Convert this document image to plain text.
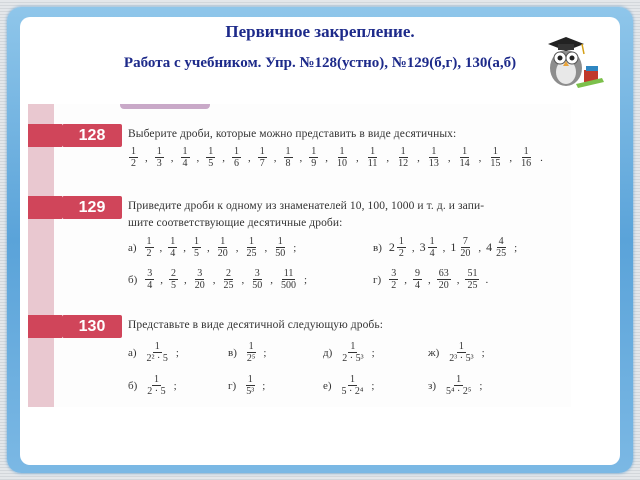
Первичное закрепление.
Работа с учебником. Упр. №128(устно), №129(б,г), 130(а,б)
128	Выберите дроби, которые можно представить в виде десятичных:
$\frac{1}{2}$ , $\frac{1}{3}$ , $\frac{1}{4}$ , $\frac{1}{5}$ , $\frac{1}{6}$ , $\frac{1}{7}$ , $\frac{1}{8}$ , $\frac{1}{9}$ , $\frac{1}{10}$ , $\frac{1}{11}$ , $\frac{1}{12}$ , $\frac{1}{13}$ , $\frac{1}{14}$ , $\frac{1}{15}$ , $\frac{1}{16}$ .
129	Приведите дроби к одному из знаменателей 10, 100, 1000 и т. д. и запи-
шите соответствующие десятичные дроби:
$а) \frac{1}{2}$ , $\frac{1}{4}$ , $\frac{1}{5}$ , $\frac{1}{20}$ , $\frac{1}{25}$ , $\frac{1}{50}$ ;
$б) \frac{3}{4}$ , $\frac{2}{5}$ , $\frac{3}{20}$ , $\frac{2}{25}$ , $\frac{3}{50}$ , $\frac{11}{500}$ ;
в) $2 \frac{1}{2}$ , $3 \frac{1}{4}$ , $1 \frac{7}{20}$ , $4 \frac{4}{25}$ ;
$г) \frac{3}{2}$ , $\frac{9}{4}$ , $\frac{63}{20}$ , $\frac{51}{25}$ .
130	Представьте в виде десятичной следующую дробь:
$а) \frac{1}{\text{2² · 5}}$ ;	$в) \frac{1}{\text{2⁵}}$ ;	$д) \frac{1}{\text{2 · 5³}}$ ;	$ж) \frac{1}{\text{2³ · 5³}}$ ;
$б) \frac{1}{2 \cdot 5}$ ;	$г) \frac{1}{\text{5³}}$ ;	$е) \frac{1}{\text{5 · 2⁴}}$ ;	$з) \frac{1}{\text{5⁴ · 2⁵}}$ ;
